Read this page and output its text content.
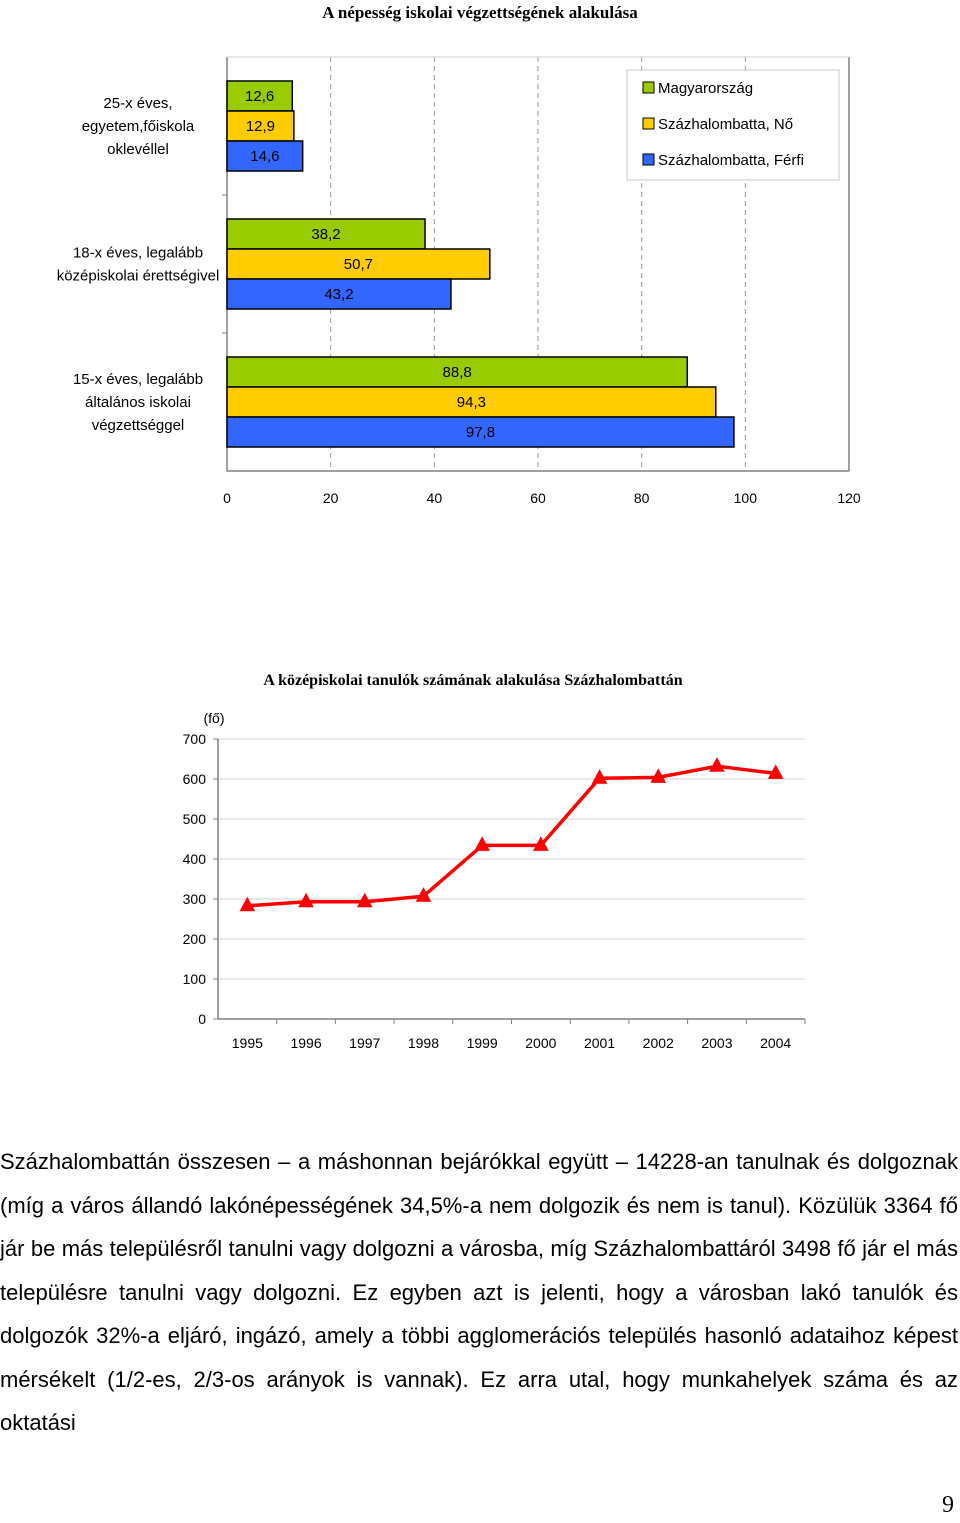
A népesség iskolai végzettségének alakulása
0	20	40	60	80	100	120
25-x éves,
egyetem,főiskola
oklevéllel
12,6
12,9
14,6
18-x éves, legalább
középiskolai érettségivel
38,2
50,7
43,2
15-x éves, legalább
általános iskolai
végzettséggel
88,8
94,3
97,8
Magyarország
Százhalombatta, Nő
Százhalombatta, Férfi
A középiskolai tanulók számának alakulása Százhalombattán
(fő)
0
100
200
300
400
500
600
700
1995 1996 1997 1998 1999 2000 2001 2002 2003 2004

Százhalombattán összesen – a máshonnan bejárókkal együtt – 14228-an tanulnak és dolgoznak (míg a város állandó lakónépességének 34,5%-a nem dolgozik és nem is tanul). Közülük 3364 fő jár be más településről tanulni vagy dolgozni a városba, míg Százhalombattáról 3498 fő jár el más településre tanulni vagy dolgozni. Ez egyben azt is jelenti, hogy a városban lakó tanulók és dolgozók 32%-a eljáró, ingázó, amely a többi agglomerációs település hasonló adataihoz képest mérsékelt (1/2-es, 2/3-os arányok is vannak). Ez arra utal, hogy munkahelyek száma és az oktatási

9
